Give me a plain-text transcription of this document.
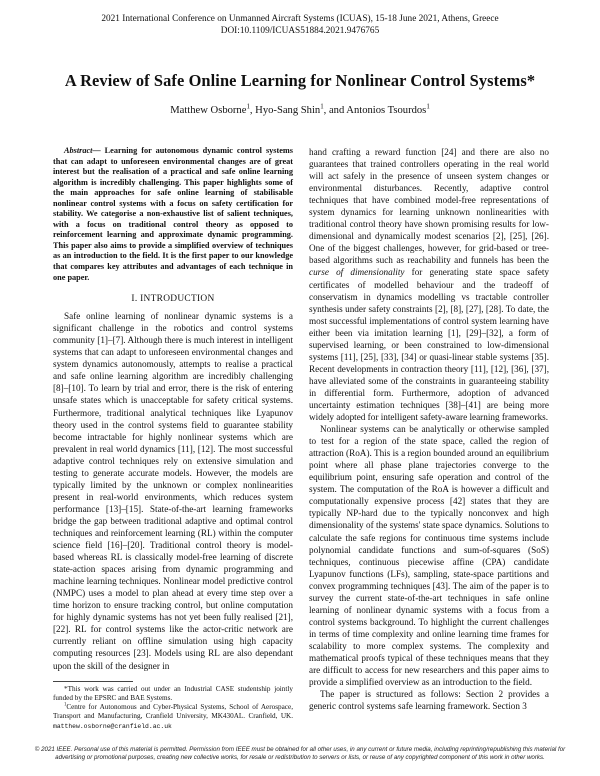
2021 International Conference on Unmanned Aircraft Systems (ICUAS), 15-18 June 2021, Athens, Greece
DOI:10.1109/ICUAS51884.2021.9476765
A Review of Safe Online Learning for Nonlinear Control Systems*
Matthew Osborne$^1$, Hyo-Sang Shin$^1$, and Antonios Tsourdos$^1$

Abstract— Learning for autonomous dynamic control systems that can adapt to unforeseen environmental changes are of great interest but the realisation of a practical and safe online learning algorithm is incredibly challenging. This paper highlights some of the main approaches for safe online learning of stabilisable nonlinear control systems with a focus on safety certification for stability. We categorise a non-exhaustive list of salient techniques, with a focus on traditional control theory as opposed to reinforcement learning and approximate dynamic programming. This paper also aims to provide a simplified overview of techniques as an introduction to the field. It is the first paper to our knowledge that compares key attributes and advantages of each technique in one paper.

I. INTRODUCTION

Safe online learning of nonlinear dynamic systems is a significant challenge in the robotics and control systems community [1]–[7]. Although there is much interest in intelligent systems that can adapt to unforeseen environmental changes and system dynamics autonomously, attempts to realise a practical and safe online learning algorithm are incredibly challenging [8]–[10]. To learn by trial and error, there is the risk of entering unsafe states which is unacceptable for safety critical systems. Furthermore, traditional analytical techniques like Lyapunov theory used in the control systems field to guarantee stability become intractable for highly nonlinear systems which are prevalent in real world dynamics [11], [12]. The most successful adaptive control techniques rely on extensive simulation and testing to generate accurate models. However, the models are typically limited by the unknown or complex nonlinearities present in real-world environments, which reduces system performance [13]–[15]. State-of-the-art learning frameworks bridge the gap between traditional adaptive and optimal control techniques and reinforcement learning (RL) within the computer science field [16]–[20]. Traditional control theory is model-based whereas RL is classically model-free learning of discrete state-action spaces arising from dynamic programming and machine learning techniques. Nonlinear model predictive control (NMPC) uses a model to plan ahead at every time step over a time horizon to ensure tracking control, but online computation for highly dynamic systems has not yet been fully realised [21], [22]. RL for control systems like the actor-critic network are currently reliant on offline simulation using high capacity computing resources [23]. Models using RL are also dependant upon the skill of the designer in

*This work was carried out under an Industrial CASE studentship jointly funded by the EPSRC and BAE Systems.

$^1$Centre for Autonomous and Cyber-Physical Systems, School of Aerospace, Transport and Manufacturing, Cranfield University, MK430AL. Cranfield, UK. matthew.osborne@cranfield.ac.uk

hand crafting a reward function [24] and there are also no guarantees that trained controllers operating in the real world will act safely in the presence of unseen system changes or environmental disturbances. Recently, adaptive control techniques that have combined model-free representations of system dynamics for learning unknown nonlinearities with traditional control theory have shown promising results for low-dimensional and dynamically modest scenarios [2], [25], [26]. One of the biggest challenges, however, for grid-based or tree-based algorithms such as reachability and funnels has been the curse of dimensionality for generating state space safety certificates of modelled behaviour and the tradeoff of conservatism in dynamics modelling vs tractable controller synthesis under safety constraints [2], [8], [27], [28]. To date, the most successful implementations of control system learning have either been via imitation learning [1], [29]–[32], a form of supervised learning, or been constrained to low-dimensional systems [11], [25], [33], [34] or quasi-linear stable systems [35]. Recent developments in contraction theory [11], [12], [36], [37], have alleviated some of the constraints in guaranteeing stability in differential form. Furthermore, adoption of advanced uncertainty estimation techniques [38]–[41] are being more widely adopted for intelligent safety-aware learning frameworks.

Nonlinear systems can be analytically or otherwise sampled to test for a region of the state space, called the region of attraction (RoA). This is a region bounded around an equilibrium point where all phase plane trajectories converge to the equilibrium point, ensuring safe operation and control of the system. The computation of the RoA is however a difficult and computationally expensive process [42] states that they are typically NP-hard due to the typically nonconvex and high dimensionality of the systems' state space dynamics. Solutions to calculate the safe regions for continuous time systems include polynomial candidate functions and sum-of-squares (SoS) techniques, continuous piecewise affine (CPA) candidate Lyapunov functions (LFs), sampling, state-space partitions and convex programming techniques [43]. The aim of the paper is to survey the current state-of-the-art techniques in safe online learning of nonlinear dynamic systems with a focus from a control systems background. To highlight the current challenges in terms of time complexity and online learning time frames for scalability to more complex systems. The complexity and mathematical proofs typical of these techniques means that they are difficult to access for new researchers and this paper aims to provide a simplified overview as an introduction to the field.

The paper is structured as follows: Section 2 provides a generic control systems safe learning framework. Section 3

© 2021 IEEE. Personal use of this material is permitted. Permission from IEEE must be obtained for all other uses, in any current or future media, including reprinting/republishing this material for
advertising or promotional purposes, creating new collective works, for resale or redistribution to servers or lists, or reuse of any copyrighted component of this work in other works.
